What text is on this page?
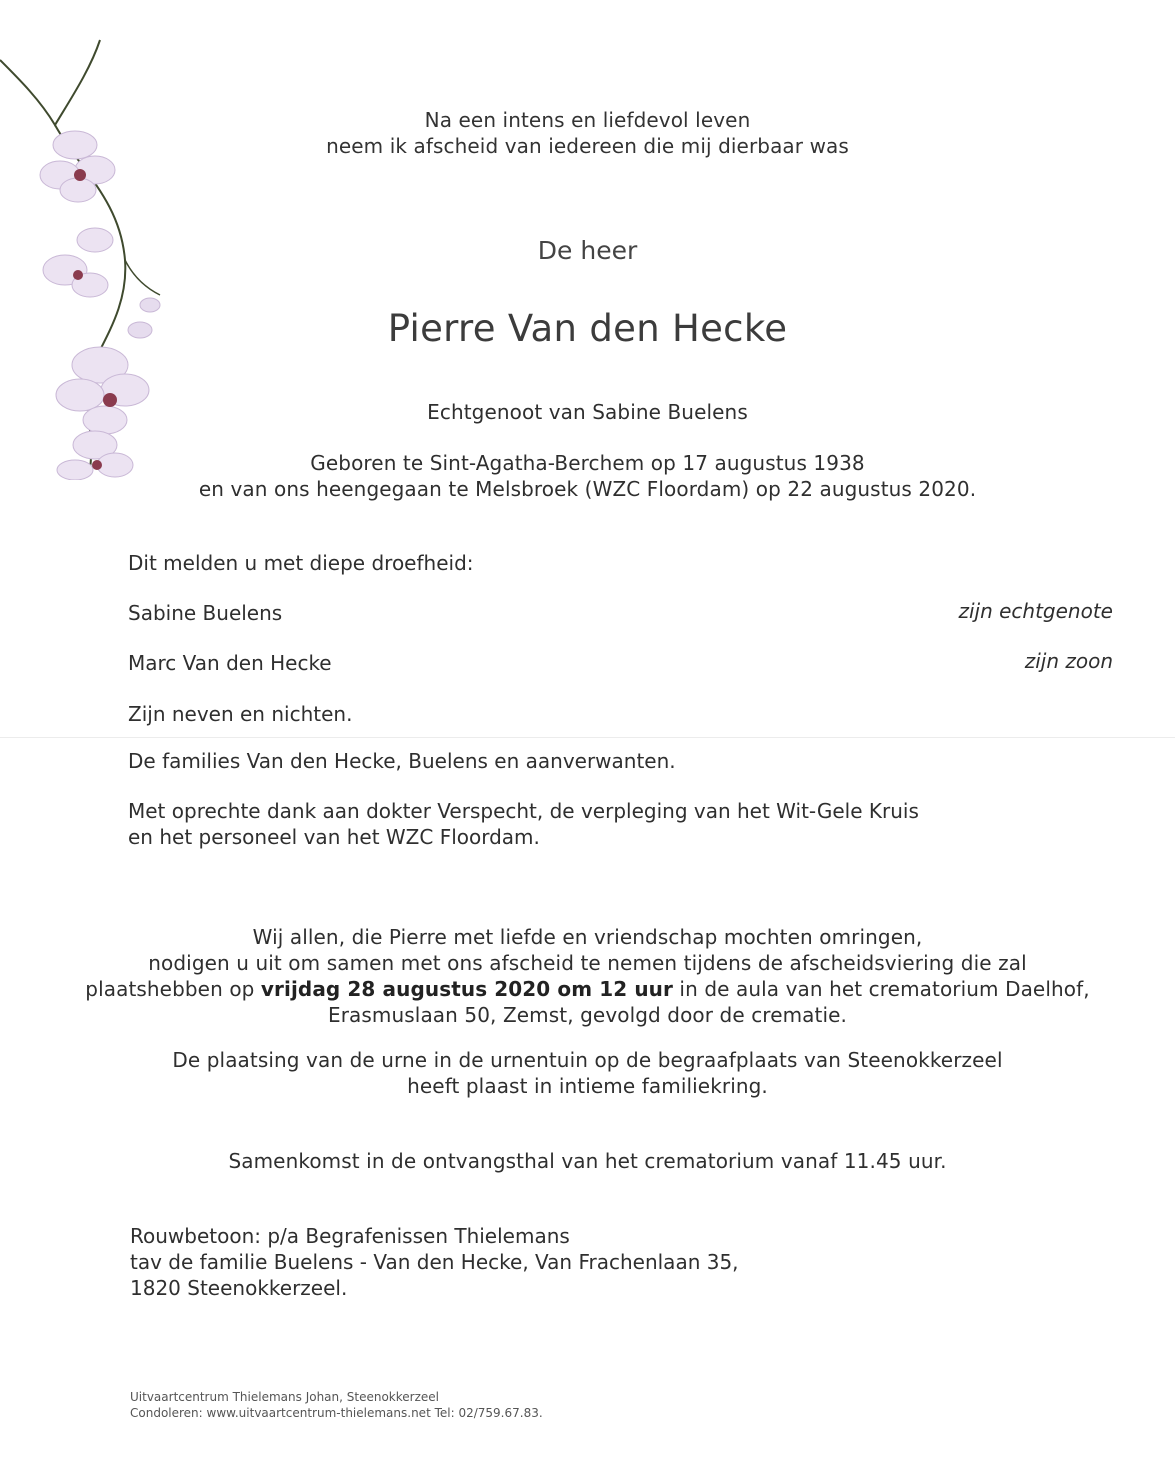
Na een intens en liefdevol leven
neem ik afscheid van iedereen die mij dierbaar was
De heer
Pierre Van den Hecke
Echtgenoot van Sabine Buelens
Geboren te Sint-Agatha-Berchem op 17 augustus 1938
en van ons heengegaan te Melsbroek (WZC Floordam) op 22 augustus 2020.
Dit melden u met diepe droefheid:
Sabine Buelens	zijn echtgenote
Marc Van den Hecke	zijn zoon
Zijn neven en nichten.
De families Van den Hecke, Buelens en aanverwanten.
Met oprechte dank aan dokter Verspecht, de verpleging van het Wit-Gele Kruis
en het personeel van het WZC Floordam.
Wij allen, die Pierre met liefde en vriendschap mochten omringen,
nodigen u uit om samen met ons afscheid te nemen tijdens de afscheidsviering die zal
plaatshebben op vrijdag 28 augustus 2020 om 12 uur in de aula van het crematorium Daelhof,
Erasmuslaan 50, Zemst, gevolgd door de crematie.
De plaatsing van de urne in de urnentuin op de begraafplaats van Steenokkerzeel
heeft plaast in intieme familiekring.
Samenkomst in de ontvangsthal van het crematorium vanaf 11.45 uur.
Rouwbetoon: p/a Begrafenissen Thielemans
tav de familie Buelens - Van den Hecke, Van Frachenlaan 35,
1820 Steenokkerzeel.
Uitvaartcentrum Thielemans Johan, Steenokkerzeel
Condoleren: www.uitvaartcentrum-thielemans.net Tel: 02/759.67.83.
